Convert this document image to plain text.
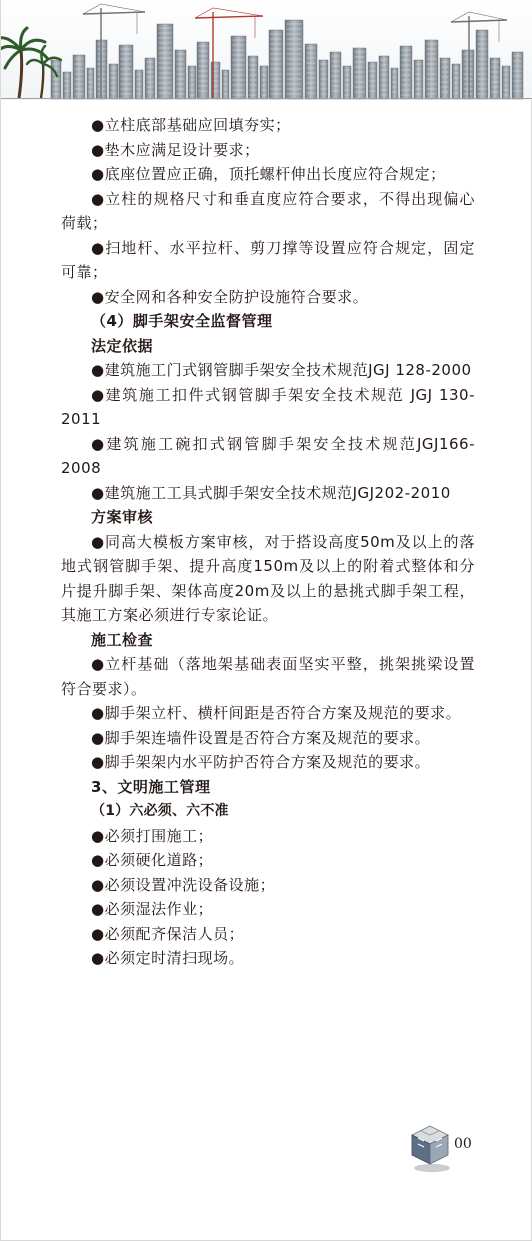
●立柱底部基础应回填夯实；

●垫木应满足设计要求；

●底座位置应正确，顶托螺杆伸出长度应符合规定；

●立柱的规格尺寸和垂直度应符合要求，不得出现偏心荷载；

●扫地杆、水平拉杆、剪刀撑等设置应符合规定，固定可靠；

●安全网和各种安全防护设施符合要求。

（4）脚手架安全监督管理

法定依据

●建筑施工门式钢管脚手架安全技术规范JGJ 128-2000

●建筑施工扣件式钢管脚手架安全技术规范 JGJ 130-2011

●建筑施工碗扣式钢管脚手架安全技术规范JGJ166-2008

●建筑施工工具式脚手架安全技术规范JGJ202-2010

方案审核

●同高大模板方案审核，对于搭设高度50m及以上的落地式钢管脚手架、提升高度150m及以上的附着式整体和分片提升脚手架、架体高度20m及以上的悬挑式脚手架工程，其施工方案必须进行专家论证。

施工检查

●立杆基础（落地架基础表面坚实平整，挑架挑梁设置符合要求）。

●脚手架立杆、横杆间距是否符合方案及规范的要求。

●脚手架连墙件设置是否符合方案及规范的要求。

●脚手架架内水平防护否符合方案及规范的要求。

3、文明施工管理

（1）六必须、六不准

●必须打围施工；

●必须硬化道路；

●必须设置冲洗设备设施；

●必须湿法作业；

●必须配齐保洁人员；

●必须定时清扫现场。

00
